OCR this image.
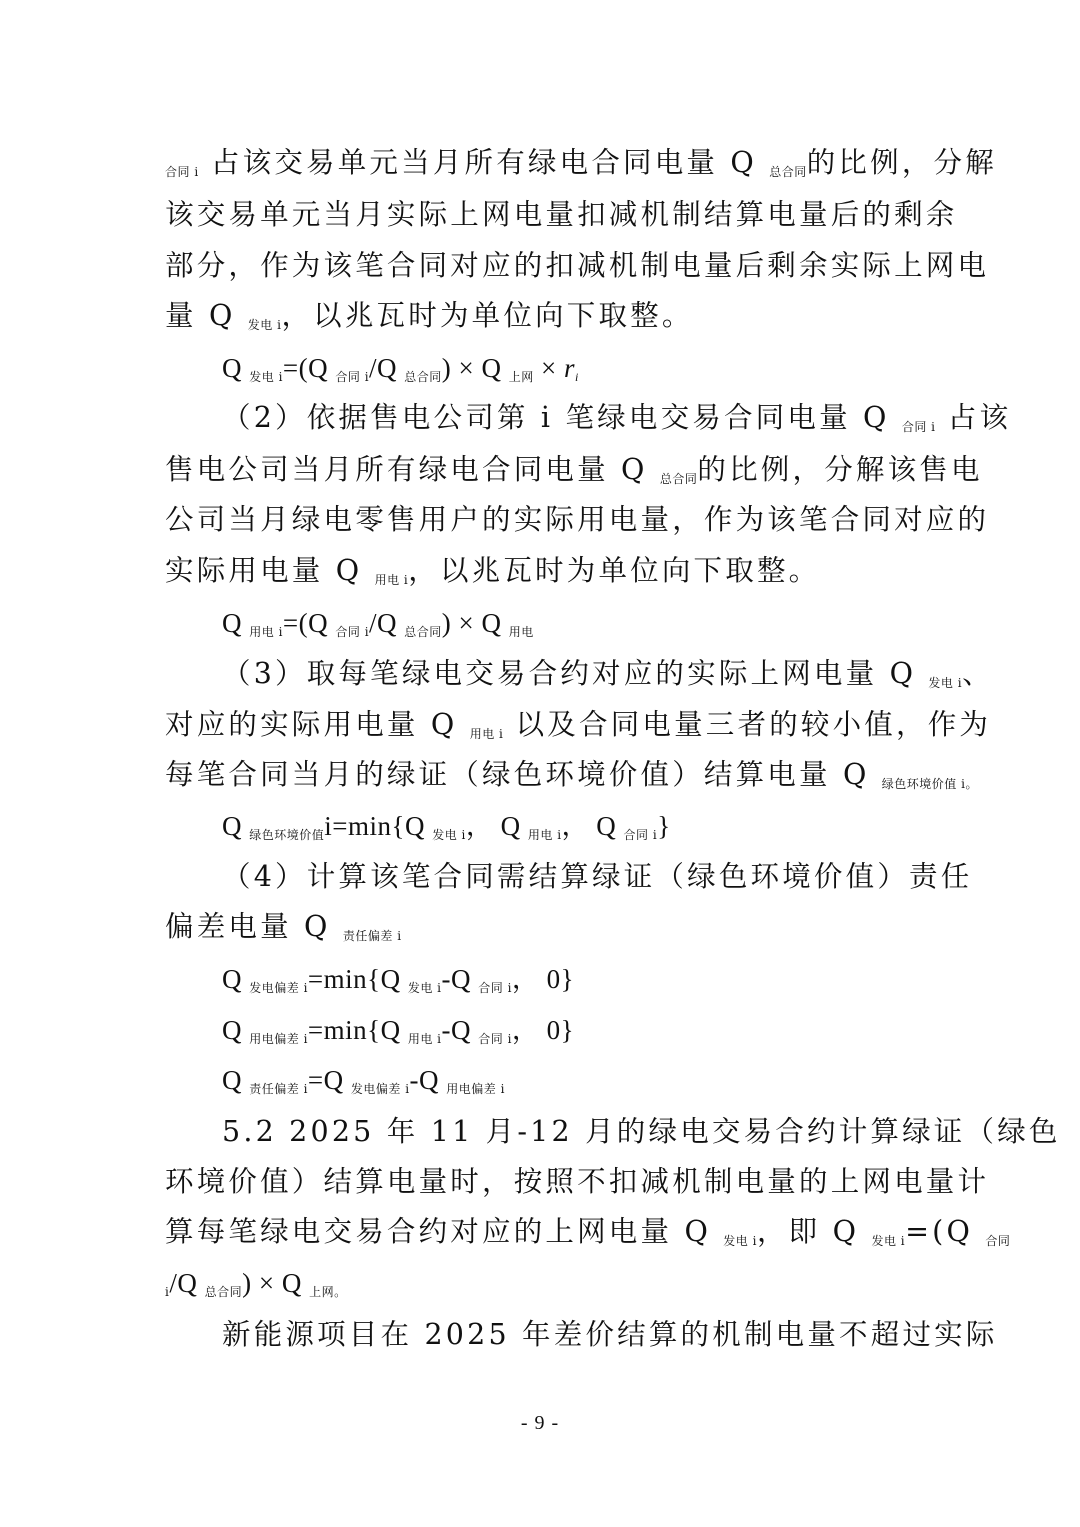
$_{合同 i}$ 占该交易单元当月所有绿电合同电量 Q $_{总合同}$的比例，分解
该交易单元当月实际上网电量扣减机制结算电量后的剩余
部分，作为该笔合同对应的扣减机制电量后剩余实际上网电
量 Q $_{发电 i}$，以兆瓦时为单位向下取整。
Q $_{发电 i}$=(Q $_{合同 i}$/Q $_{总合同}$) × Q $_{上网} \times r_i$
（2）依据售电公司第 i 笔绿电交易合同电量 Q $_{合同 i}$ 占该
售电公司当月所有绿电合同电量 Q $_{总合同}$的比例，分解该售电
公司当月绿电零售用户的实际用电量，作为该笔合同对应的
实际用电量 Q $_{用电 i}$，以兆瓦时为单位向下取整。
Q $_{用电 i}$=(Q $_{合同 i}$/Q $_{总合同}$) × Q $_{用电}$
（3）取每笔绿电交易合约对应的实际上网电量 Q $_{发电 i}$、
对应的实际用电量 Q $_{用电 i}$ 以及合同电量三者的较小值，作为
每笔合同当月的绿证（绿色环境价值）结算电量 Q $_{绿色环境价值 i。}$
Q $_{绿色环境价值}$i=min{Q $_{发电 i}$， Q $_{用电 i}$， Q $_{合同 i}$}
（4）计算该笔合同需结算绿证（绿色环境价值）责任
偏差电量 Q $_{责任偏差 i}$
Q $_{发电偏差 i}$=min{Q $_{发电 i}$-Q $_{合同 i}$， 0}
Q $_{用电偏差 i}$=min{Q $_{用电 i}$-Q $_{合同 i}$， 0}
Q $_{责任偏差 i}$=Q $_{发电偏差 i}$-Q $_{用电偏差 i}$
5.2 2025 年 11 月-12 月的绿电交易合约计算绿证（绿色
环境价值）结算电量时，按照不扣减机制电量的上网电量计
算每笔绿电交易合约对应的上网电量 Q $_{发电 i}$，即 Q $_{发电 i}$=(Q $_{合同}$
$_i$/Q $_{总合同}$) × Q $_{上网。}$
新能源项目在 2025 年差价结算的机制电量不超过实际
- 9 -
